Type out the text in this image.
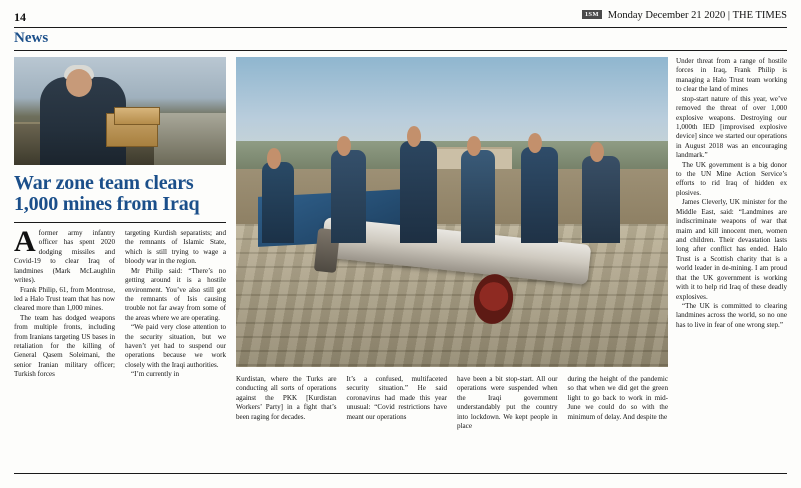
14	1SM Monday December 21 2020 | THE TIMES
News
War zone team clears
1,000 mines from Iraq

Aformer army infantry officer has spent 2020 dodging missiles and Covid-19 to clear Iraq of landmines (Mark McLaughlin writes).

Frank Philip, 61, from Montrose, led a Halo Trust team that has now cleared more than 1,000 mines.

The team has dodged weapons from multiple fronts, including from Iranians targeting US bases in retaliation for the killing of General Qasem Soleimani, the senior Iranian military officer; Turkish forces

targeting Kurdish separatists; and the remnants of Islamic State, which is still trying to wage a bloody war in the region.

Mr Philip said: “There’s no getting around it is a hostile environment. You’ve also still got the remnants of Isis causing trouble not far away from some of the areas where we are operating.

“We paid very close attention to the security situation, but we haven’t yet had to suspend our operations because we work closely with the Iraqi authorities.

“I’m currently in

Kurdistan, where the Turks are conducting all sorts of operations against the PKK [Kurdistan Workers’ Party] in a fight that’s been raging for decades.

It’s a confused, multifaceted security situation.” He said coronavirus had made this year unusual: “Covid restrictions have meant our operations

have been a bit stop-start. All our operations were suspended when the Iraqi government understandably put the country into lockdown. We kept people in place

during the height of the pandemic so that when we did get the green light to go back to work in mid-June we could do so with the minimum of delay. And despite the

Under threat from a range of hostile forces in Iraq, Frank Philip is managing a Halo Trust team working to clear the land of mines

stop-start nature of this year, we’ve removed the threat of over 1,000 explosive weapons. Destroying our 1,000th IED [improvised explosive device] since we started our operations in August 2018 was an encouraging landmark.”

The UK government is a big donor to the UN Mine Action Service’s efforts to rid Iraq of hidden ex plosives.

James Cleverly, UK minister for the Middle East, said: “Landmines are indiscriminate weapons of war that maim and kill innocent men, women and children. Their devastation lasts long after conflict has ended. Halo Trust is a Scottish charity that is a world leader in de-mining. I am proud that the UK government is working with it to help rid Iraq of these deadly explosives.

“The UK is committed to clearing landmines across the world, so no one has to live in fear of one wrong step.”
